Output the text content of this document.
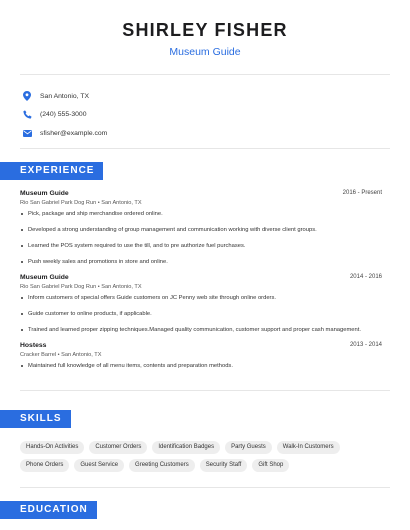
SHIRLEY FISHER
Museum Guide
San Antonio, TX
(240) 555-3000
sfisher@example.com
EXPERIENCE
Museum Guide	2016 - Present
Rio San Gabriel Park Dog Run • San Antonio, TX
Pick, package and ship merchandise ordered online.
Developed a strong understanding of group management and communication working with diverse client groups.
Learned the POS system required to use the till, and to pre authorize fuel purchases.
Push weekly sales and promotions in store and online.
Museum Guide	2014 - 2016
Rio San Gabriel Park Dog Run • San Antonio, TX
Inform customers of special offers Guide customers on JC Penny web site through online orders.
Guide customer to online products, if applicable.
Trained and learned proper zipping techniques.Managed quality communication, customer support and proper cash management.
Hostess	2013 - 2014
Cracker Barrel • San Antonio, TX
Maintained full knowledge of all menu items, contents and preparation methods.
SKILLS
Hands-On Activities	Customer Orders	Identification Badges	Party Guests	Walk-In Customers
Phone Orders	Guest Service	Greeting Customers	Security Staff	Gift Shop
EDUCATION
